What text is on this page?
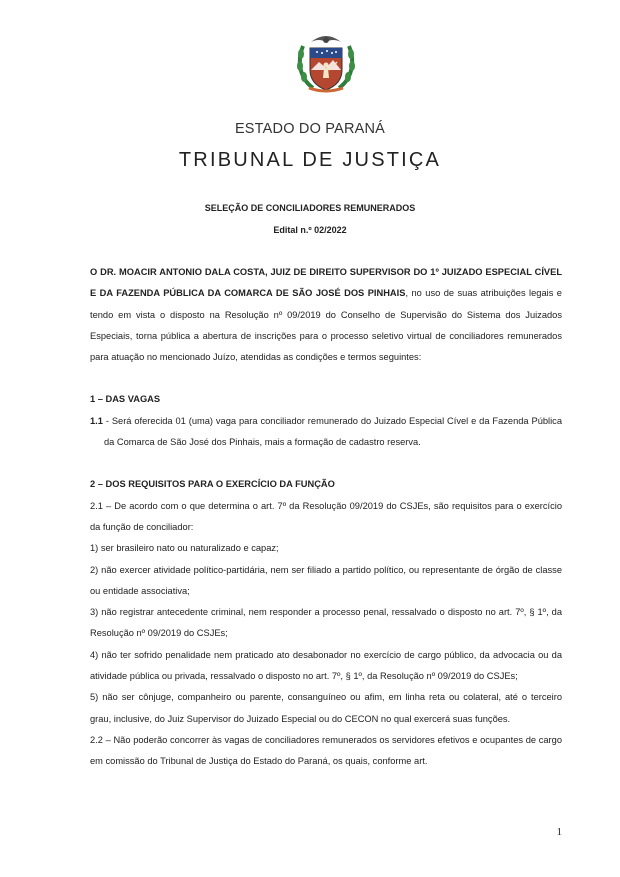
ESTADO DO PARANÁ
TRIBUNAL DE JUSTIÇA
SELEÇÃO DE CONCILIADORES REMUNERADOS
Edital n.º 02/2022

O DR. MOACIR ANTONIO DALA COSTA, JUIZ DE DIREITO SUPERVISOR DO 1º JUIZADO ESPECIAL CÍVEL E DA FAZENDA PÚBLICA DA COMARCA DE SÃO JOSÉ DOS PINHAIS, no uso de suas atribuições legais e tendo em vista o disposto na Resolução nº 09/2019 do Conselho de Supervisão do Sistema dos Juizados Especiais, torna pública a abertura de inscrições para o processo seletivo virtual de conciliadores remunerados para atuação no mencionado Juízo, atendidas as condições e termos seguintes:

1 – DAS VAGAS

1.1 - Será oferecida 01 (uma) vaga para conciliador remunerado do Juizado Especial Cível e da Fazenda Pública da Comarca de São José dos Pinhais, mais a formação de cadastro reserva.

2 – DOS REQUISITOS PARA O EXERCÍCIO DA FUNÇÃO

2.1 – De acordo com o que determina o art. 7º da Resolução 09/2019 do CSJEs, são requisitos para o exercício da função de conciliador:

1) ser brasileiro nato ou naturalizado e capaz;

2) não exercer atividade político-partidária, nem ser filiado a partido político, ou representante de órgão de classe ou entidade associativa;

3) não registrar antecedente criminal, nem responder a processo penal, ressalvado o disposto no art. 7º, § 1º, da Resolução nº 09/2019 do CSJEs;

4) não ter sofrido penalidade nem praticado ato desabonador no exercício de cargo público, da advocacia ou da atividade pública ou privada, ressalvado o disposto no art. 7º, § 1º, da Resolução nº 09/2019 do CSJEs;

5) não ser cônjuge, companheiro ou parente, consanguíneo ou afim, em linha reta ou colateral, até o terceiro grau, inclusive, do Juiz Supervisor do Juizado Especial ou do CECON no qual exercerá suas funções.

2.2 – Não poderão concorrer às vagas de conciliadores remunerados os servidores efetivos e ocupantes de cargo em comissão do Tribunal de Justiça do Estado do Paraná, os quais, conforme art.

1
